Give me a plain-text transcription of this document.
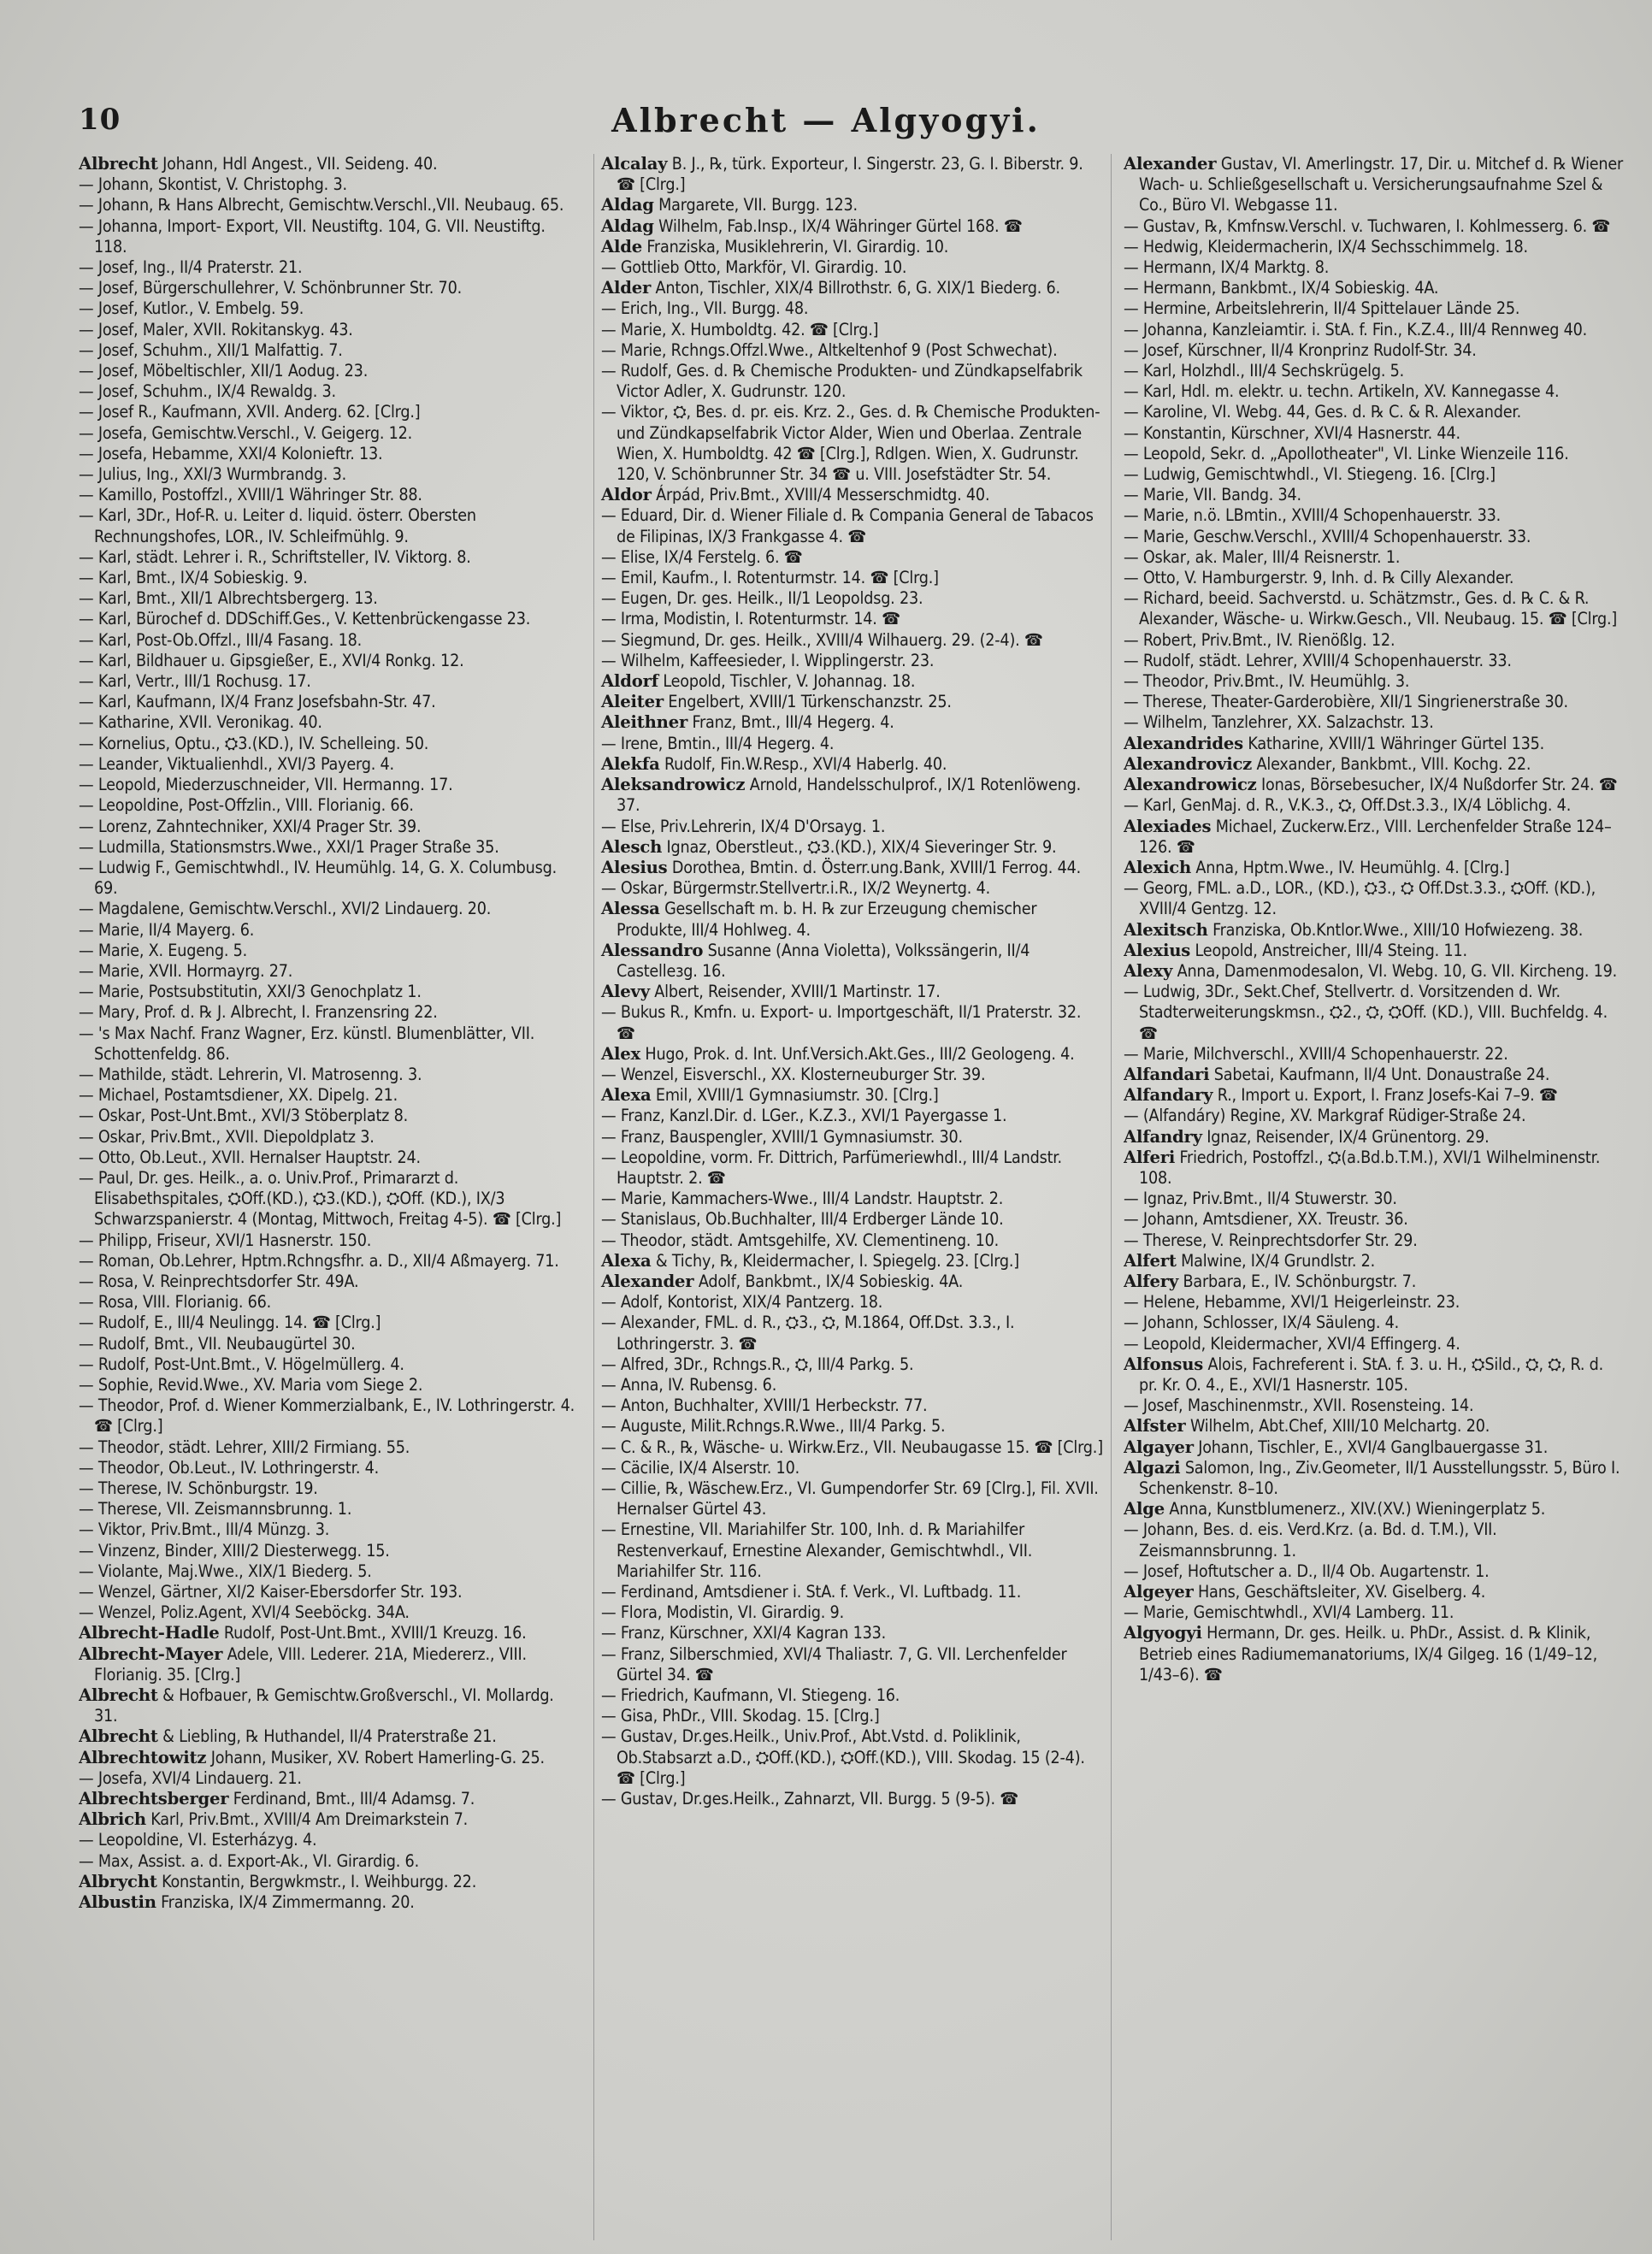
10	Albrecht — Algyogyi.

Albrecht Johann, Hdl Angest., VII. Seideng. 40.

— Johann, Skontist, V. Christophg. 3.

— Johann, ℞ Hans Albrecht, Gemischtw.Verschl.,VII. Neubaug. 65.

— Johanna, Import- Export, VII. Neustiftg. 104, G. VII. Neustiftg. 118.

— Josef, Ing., II/4 Praterstr. 21.

— Josef, Bürgerschullehrer, V. Schönbrunner Str. 70.

— Josef, Kutlor., V. Embelg. 59.

— Josef, Maler, XVII. Rokitanskyg. 43.

— Josef, Schuhm., XII/1 Malfattig. 7.

— Josef, Möbeltischler, XII/1 Aodug. 23.

— Josef, Schuhm., IX/4 Rewaldg. 3.

— Josef R., Kaufmann, XVII. Anderg. 62. [Clrg.]

— Josefa, Gemischtw.Verschl., V. Geigerg. 12.

— Josefa, Hebamme, XXI/4 Kolonieftr. 13.

— Julius, Ing., XXI/3 Wurmbrandg. 3.

— Kamillo, Postoffzl., XVIII/1 Währinger Str. 88.

— Karl, 3Dr., Hof-R. u. Leiter d. liquid. österr. Obersten Rechnungshofes, LOR., IV. Schleifmühlg. 9.

— Karl, städt. Lehrer i. R., Schriftsteller, IV. Viktorg. 8.

— Karl, Bmt., IX/4 Sobieskig. 9.

— Karl, Bmt., XII/1 Albrechtsbergerg. 13.

— Karl, Bürochef d. DDSchiff.Ges., V. Kettenbrückengasse 23.

— Karl, Post-Ob.Offzl., III/4 Fasang. 18.

— Karl, Bildhauer u. Gipsgießer, E., XVI/4 Ronkg. 12.

— Karl, Vertr., III/1 Rochusg. 17.

— Karl, Kaufmann, IX/4 Franz Josefsbahn-Str. 47.

— Katharine, XVII. Veronikag. 40.

— Kornelius, Optu., ⛭3.(KD.), IV. Schelleing. 50.

— Leander, Viktualienhdl., XVI/3 Payerg. 4.

— Leopold, Miederzuschneider, VII. Hermanng. 17.

— Leopoldine, Post-Offzlin., VIII. Florianig. 66.

— Lorenz, Zahntechniker, XXI/4 Prager Str. 39.

— Ludmilla, Stationsmstrs.Wwe., XXI/1 Prager Straße 35.

— Ludwig F., Gemischtwhdl., IV. Heumühlg. 14, G. X. Columbusg. 69.

— Magdalene, Gemischtw.Verschl., XVI/2 Lindauerg. 20.

— Marie, II/4 Mayerg. 6.

— Marie, X. Eugeng. 5.

— Marie, XVII. Hormayrg. 27.

— Marie, Postsubstitutin, XXI/3 Genochplatz 1.

— Mary, Prof. d. ℞ J. Albrecht, I. Franzensring 22.

— 's Max Nachf. Franz Wagner, Erz. künstl. Blumenblätter, VII. Schottenfeldg. 86.

— Mathilde, städt. Lehrerin, VI. Matrosenng. 3.

— Michael, Postamtsdiener, XX. Dipelg. 21.

— Oskar, Post-Unt.Bmt., XVI/3 Stöberplatz 8.

— Oskar, Priv.Bmt., XVII. Diepoldplatz 3.

— Otto, Ob.Leut., XVII. Hernalser Hauptstr. 24.

— Paul, Dr. ges. Heilk., a. o. Univ.Prof., Primararzt d. Elisabethspitales, ⛭Off.(KD.), ⛭3.(KD.), ⛭Off. (KD.), IX/3 Schwarzspanierstr. 4 (Montag, Mittwoch, Freitag 4-5). ☎ [Clrg.]

— Philipp, Friseur, XVI/1 Hasnerstr. 150.

— Roman, Ob.Lehrer, Hptm.Rchngsfhr. a. D., XII/4 Aßmayerg. 71.

— Rosa, V. Reinprechtsdorfer Str. 49A.

— Rosa, VIII. Florianig. 66.

— Rudolf, E., III/4 Neulingg. 14. ☎ [Clrg.]

— Rudolf, Bmt., VII. Neubaugürtel 30.

— Rudolf, Post-Unt.Bmt., V. Högelmüllerg. 4.

— Sophie, Revid.Wwe., XV. Maria vom Siege 2.

— Theodor, Prof. d. Wiener Kommerzialbank, E., IV. Lothringerstr. 4. ☎ [Clrg.]

— Theodor, städt. Lehrer, XIII/2 Firmiang. 55.

— Theodor, Ob.Leut., IV. Lothringerstr. 4.

— Therese, IV. Schönburgstr. 19.

— Therese, VII. Zeismannsbrunng. 1.

— Viktor, Priv.Bmt., III/4 Münzg. 3.

— Vinzenz, Binder, XIII/2 Diesterwegg. 15.

— Violante, Maj.Wwe., XIX/1 Biederg. 5.

— Wenzel, Gärtner, XI/2 Kaiser-Ebersdorfer Str. 193.

— Wenzel, Poliz.Agent, XVI/4 Seeböckg. 34A.

Albrecht-Hadle Rudolf, Post-Unt.Bmt., XVIII/1 Kreuzg. 16.

Albrecht-Mayer Adele, VIII. Lederer. 21A, Miedererz., VIII. Florianig. 35. [Clrg.]

Albrecht & Hofbauer, ℞ Gemischtw.Großverschl., VI. Mollardg. 31.

Albrecht & Liebling, ℞ Huthandel, II/4 Praterstraße 21.

Albrechtowitz Johann, Musiker, XV. Robert Hamerling-G. 25.

— Josefa, XVI/4 Lindauerg. 21.

Albrechtsberger Ferdinand, Bmt., III/4 Adamsg. 7.

Albrich Karl, Priv.Bmt., XVIII/4 Am Dreimarkstein 7.

— Leopoldine, VI. Esterházyg. 4.

— Max, Assist. a. d. Export-Ak., VI. Girardig. 6.

Albrycht Konstantin, Bergwkmstr., I. Weihburgg. 22.

Albustin Franziska, IX/4 Zimmermanng. 20.

Alcalay B. J., ℞, türk. Exporteur, I. Singerstr. 23, G. I. Biberstr. 9. ☎ [Clrg.]

Aldag Margarete, VII. Burgg. 123.

Aldag Wilhelm, Fab.Insp., IX/4 Währinger Gürtel 168. ☎

Alde Franziska, Musiklehrerin, VI. Girardig. 10.

— Gottlieb Otto, Markför, VI. Girardig. 10.

Alder Anton, Tischler, XIX/4 Billrothstr. 6, G. XIX/1 Biederg. 6.

— Erich, Ing., VII. Burgg. 48.

— Marie, X. Humboldtg. 42. ☎ [Clrg.]

— Marie, Rchngs.Offzl.Wwe., Altkeltenhof 9 (Post Schwechat).

— Rudolf, Ges. d. ℞ Chemische Produkten- und Zündkapselfabrik Victor Adler, X. Gudrunstr. 120.

— Viktor, ⛭, Bes. d. pr. eis. Krz. 2., Ges. d. ℞ Chemische Produkten- und Zündkapselfabrik Victor Alder, Wien und Oberlaa. Zentrale Wien, X. Humboldtg. 42 ☎ [Clrg.], Rdlgen. Wien, X. Gudrunstr. 120, V. Schönbrunner Str. 34 ☎ u. VIII. Josefstädter Str. 54.

Aldor Árpád, Priv.Bmt., XVIII/4 Messerschmidtg. 40.

— Eduard, Dir. d. Wiener Filiale d. ℞ Compania General de Tabacos de Filipinas, IX/3 Frankgasse 4. ☎

— Elise, IX/4 Ferstelg. 6. ☎

— Emil, Kaufm., I. Rotenturmstr. 14. ☎ [Clrg.]

— Eugen, Dr. ges. Heilk., II/1 Leopoldsg. 23.

— Irma, Modistin, I. Rotenturmstr. 14. ☎

— Siegmund, Dr. ges. Heilk., XVIII/4 Wilhauerg. 29. (2-4). ☎

— Wilhelm, Kaffeesieder, I. Wipplingerstr. 23.

Aldorf Leopold, Tischler, V. Johannag. 18.

Aleiter Engelbert, XVIII/1 Türkenschanzstr. 25.

Aleithner Franz, Bmt., III/4 Hegerg. 4.

— Irene, Bmtin., III/4 Hegerg. 4.

Alekfa Rudolf, Fin.W.Resp., XVI/4 Haberlg. 40.

Aleksandrowicz Arnold, Handelsschulprof., IX/1 Rotenlöweng. 37.

— Else, Priv.Lehrerin, IX/4 D'Orsayg. 1.

Alesch Ignaz, Oberstleut., ⛭3.(KD.), XIX/4 Sieveringer Str. 9.

Alesius Dorothea, Bmtin. d. Österr.ung.Bank, XVIII/1 Ferrog. 44.

— Oskar, Bürgermstr.Stellvertr.i.R., IX/2 Weynertg. 4.

Alessa Gesellschaft m. b. H. ℞ zur Erzeugung chemischer Produkte, III/4 Hohlweg. 4.

Alessandro Susanne (Anna Violetta), Volkssängerin, II/4 Castelleзg. 16.

Alevy Albert, Reisender, XVIII/1 Martinstr. 17.

— Bukus R., Kmfn. u. Export- u. Importgeschäft, II/1 Praterstr. 32. ☎

Alex Hugo, Prok. d. Int. Unf.Versich.Akt.Ges., III/2 Geologeng. 4.

— Wenzel, Eisverschl., XX. Klosterneuburger Str. 39.

Alexa Emil, XVIII/1 Gymnasiumstr. 30. [Clrg.]

— Franz, Kanzl.Dir. d. LGer., K.Z.3., XVI/1 Payergasse 1.

— Franz, Bauspengler, XVIII/1 Gymnasiumstr. 30.

— Leopoldine, vorm. Fr. Dittrich, Parfümeriewhdl., III/4 Landstr. Hauptstr. 2. ☎

— Marie, Kammachers-Wwe., III/4 Landstr. Hauptstr. 2.

— Stanislaus, Ob.Buchhalter, III/4 Erdberger Lände 10.

— Theodor, städt. Amtsgehilfe, XV. Clementineng. 10.

Alexa & Tichy, ℞, Kleidermacher, I. Spiegelg. 23. [Clrg.]

Alexander Adolf, Bankbmt., IX/4 Sobieskig. 4A.

— Adolf, Kontorist, XIX/4 Pantzerg. 18.

— Alexander, FML. d. R., ⛭3., ⛭, M.1864, Off.Dst. 3.3., I. Lothringerstr. 3. ☎

— Alfred, 3Dr., Rchngs.R., ⛭, III/4 Parkg. 5.

— Anna, IV. Rubensg. 6.

— Anton, Buchhalter, XVIII/1 Herbeckstr. 77.

— Auguste, Milit.Rchngs.R.Wwe., III/4 Parkg. 5.

— C. & R., ℞, Wäsche- u. Wirkw.Erz., VII. Neubaugasse 15. ☎ [Clrg.]

— Cäcilie, IX/4 Alserstr. 10.

— Cillie, ℞, Wäschew.Erz., VI. Gumpendorfer Str. 69 [Clrg.], Fil. XVII. Hernalser Gürtel 43.

— Ernestine, VII. Mariahilfer Str. 100, Inh. d. ℞ Mariahilfer Restenverkauf, Ernestine Alexander, Gemischtwhdl., VII. Mariahilfer Str. 116.

— Ferdinand, Amtsdiener i. StA. f. Verk., VI. Luftbadg. 11.

— Flora, Modistin, VI. Girardig. 9.

— Franz, Kürschner, XXI/4 Kagran 133.

— Franz, Silberschmied, XVI/4 Thaliastr. 7, G. VII. Lerchenfelder Gürtel 34. ☎

— Friedrich, Kaufmann, VI. Stiegeng. 16.

— Gisa, PhDr., VIII. Skodag. 15. [Clrg.]

— Gustav, Dr.ges.Heilk., Univ.Prof., Abt.Vstd. d. Poliklinik, Ob.Stabsarzt a.D., ⛭Off.(KD.), ⛭Off.(KD.), VIII. Skodag. 15 (2-4). ☎ [Clrg.]

— Gustav, Dr.ges.Heilk., Zahnarzt, VII. Burgg. 5 (9-5). ☎

Alexander Gustav, VI. Amerlingstr. 17, Dir. u. Mitchef d. ℞ Wiener Wach- u. Schließgesellschaft u. Versicherungsaufnahme Szel & Co., Büro VI. Webgasse 11.

— Gustav, ℞, Kmfnsw.Verschl. v. Tuchwaren, I. Kohlmesserg. 6. ☎

— Hedwig, Kleidermacherin, IX/4 Sechsschimmelg. 18.

— Hermann, IX/4 Marktg. 8.

— Hermann, Bankbmt., IX/4 Sobieskig. 4A.

— Hermine, Arbeitslehrerin, II/4 Spittelauer Lände 25.

— Johanna, Kanzleiamtir. i. StA. f. Fin., K.Z.4., III/4 Rennweg 40.

— Josef, Kürschner, II/4 Kronprinz Rudolf-Str. 34.

— Karl, Holzhdl., III/4 Sechskrügelg. 5.

— Karl, Hdl. m. elektr. u. techn. Artikeln, XV. Kannegasse 4.

— Karoline, VI. Webg. 44, Ges. d. ℞ C. & R. Alexander.

— Konstantin, Kürschner, XVI/4 Hasnerstr. 44.

— Leopold, Sekr. d. „Apollotheater", VI. Linke Wienzeile 116.

— Ludwig, Gemischtwhdl., VI. Stiegeng. 16. [Clrg.]

— Marie, VII. Bandg. 34.

— Marie, n.ö. LBmtin., XVIII/4 Schopenhauerstr. 33.

— Marie, Geschw.Verschl., XVIII/4 Schopenhauerstr. 33.

— Oskar, ak. Maler, III/4 Reisnerstr. 1.

— Otto, V. Hamburgerstr. 9, Inh. d. ℞ Cilly Alexander.

— Richard, beeid. Sachverstd. u. Schätzmstr., Ges. d. ℞ C. & R. Alexander, Wäsche- u. Wirkw.Gesch., VII. Neubaug. 15. ☎ [Clrg.]

— Robert, Priv.Bmt., IV. Rienößlg. 12.

— Rudolf, städt. Lehrer, XVIII/4 Schopenhauerstr. 33.

— Theodor, Priv.Bmt., IV. Heumühlg. 3.

— Therese, Theater-Garderobière, XII/1 Singrienerstraße 30.

— Wilhelm, Tanzlehrer, XX. Salzachstr. 13.

Alexandrides Katharine, XVIII/1 Währinger Gürtel 135.

Alexandrovicz Alexander, Bankbmt., VIII. Kochg. 22.

Alexandrowicz Ionas, Börsebesucher, IX/4 Nußdorfer Str. 24. ☎

— Karl, GenMaj. d. R., V.K.3., ⛭, Off.Dst.3.3., IX/4 Löblichg. 4.

Alexiades Michael, Zuckerw.Erz., VIII. Lerchenfelder Straße 124–126. ☎

Alexich Anna, Hptm.Wwe., IV. Heumühlg. 4. [Clrg.]

— Georg, FML. a.D., LOR., (KD.), ⛭3., ⛭ Off.Dst.3.3., ⛭Off. (KD.), XVIII/4 Gentzg. 12.

Alexitsch Franziska, Ob.Kntlor.Wwe., XIII/10 Hofwiezeng. 38.

Alexius Leopold, Anstreicher, III/4 Steing. 11.

Alexy Anna, Damenmodesalon, VI. Webg. 10, G. VII. Kircheng. 19.

— Ludwig, 3Dr., Sekt.Chef, Stellvertr. d. Vorsitzenden d. Wr. Stadterweiterungskmsn., ⛭2., ⛭, ⛭Off. (KD.), VIII. Buchfeldg. 4. ☎

— Marie, Milchverschl., XVIII/4 Schopenhauerstr. 22.

Alfandari Sabetai, Kaufmann, II/4 Unt. Donaustraße 24.

Alfandary R., Import u. Export, I. Franz Josefs-Kai 7–9. ☎

— (Alfandáry) Regine, XV. Markgraf Rüdiger-Straße 24.

Alfandry Ignaz, Reisender, IX/4 Grünentorg. 29.

Alferi Friedrich, Postoffzl., ⛭(a.Bd.b.T.M.), XVI/1 Wilhelminenstr. 108.

— Ignaz, Priv.Bmt., II/4 Stuwerstr. 30.

— Johann, Amtsdiener, XX. Treustr. 36.

— Therese, V. Reinprechtsdorfer Str. 29.

Alfert Malwine, IX/4 Grundlstr. 2.

Alfery Barbara, E., IV. Schönburgstr. 7.

— Helene, Hebamme, XVI/1 Heigerleinstr. 23.

— Johann, Schlosser, IX/4 Säuleng. 4.

— Leopold, Kleidermacher, XVI/4 Effingerg. 4.

Alfonsus Alois, Fachreferent i. StA. f. 3. u. H., ⛭Sild., ⛭, ⛭, R. d. pr. Kr. O. 4., E., XVI/1 Hasnerstr. 105.

— Josef, Maschinenmstr., XVII. Rosensteing. 14.

Alfster Wilhelm, Abt.Chef, XIII/10 Melchartg. 20.

Algayer Johann, Tischler, E., XVI/4 Ganglbauergasse 31.

Algazi Salomon, Ing., Ziv.Geometer, II/1 Ausstellungsstr. 5, Büro I. Schenkenstr. 8–10.

Alge Anna, Kunstblumenerz., XIV.(XV.) Wieningerplatz 5.

— Johann, Bes. d. eis. Verd.Krz. (a. Bd. d. T.M.), VII. Zeismannsbrunng. 1.

— Josef, Hoftutscher a. D., II/4 Ob. Augartenstr. 1.

Algeyer Hans, Geschäftsleiter, XV. Giselberg. 4.

— Marie, Gemischtwhdl., XVI/4 Lamberg. 11.

Algyogyi Hermann, Dr. ges. Heilk. u. PhDr., Assist. d. ℞ Klinik, Betrieb eines Radiumemanatoriums, IX/4 Gilgeg. 16 (1/49–12, 1/43–6). ☎
